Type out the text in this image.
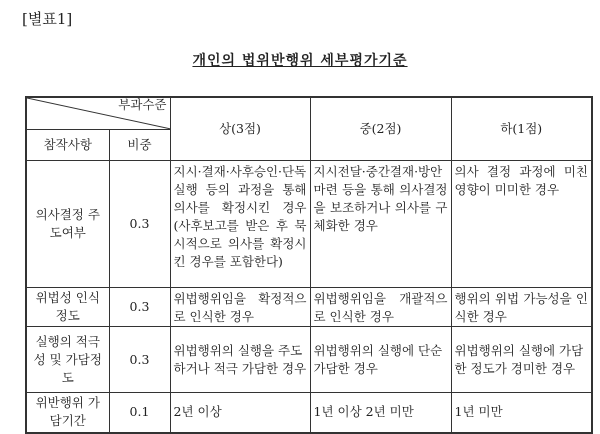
[별표1]
개인의 법위반행위 세부평가기준
부과수준		상(3점)	중(2점)	하(1점)
참작사항	비중			
의사결정 주도여부	0.3	지시·결재·사후승인·단독실행 등의 과정을 통해 의사를 확정시킨 경우(사후보고를 받은 후 묵시적으로 의사를 확정시킨 경우를 포함한다)	지시전달·중간결재·방안마련 등을 통해 의사결정을 보조하거나 의사를 구체화한 경우	의사 결정 과정에 미친 영향이 미미한 경우
위법성 인식정도	0.3	위법행위임을 확정적으로 인식한 경우	위법행위임을 개괄적으로 인식한 경우	행위의 위법 가능성을 인식한 경우
실행의 적극성 및 가담정도	0.3	위법행위의 실행을 주도하거나 적극 가담한 경우	위법행위의 실행에 단순 가담한 경우	위법행위의 실행에 가담한 정도가 경미한 경우
위반행위 가담기간	0.1	2년 이상	1년 이상 2년 미만	1년 미만
